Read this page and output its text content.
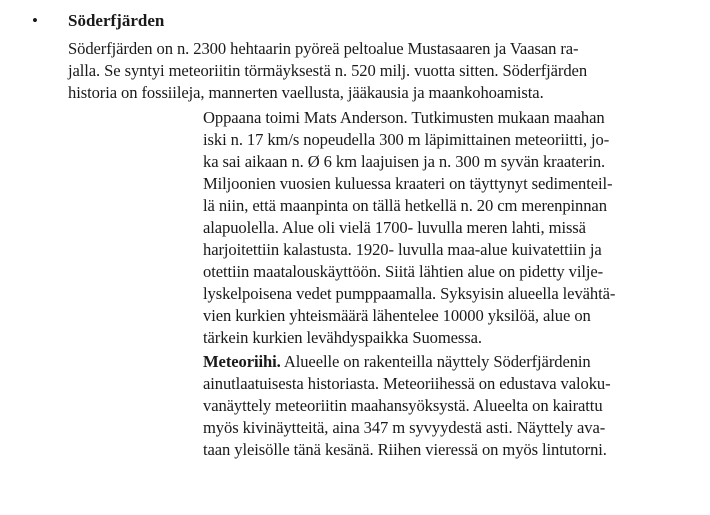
• Söderfjärden
Söderfjärden on n. 2300 hehtaarin pyöreä peltoalue Mustasaaren ja Vaasan ra-
jalla. Se syntyi meteoriitin törmäyksestä n. 520 milj. vuotta sitten. Söderfjärden
historia on fossiileja, mannerten vaellusta, jääkausia ja maankohoamista.
Oppaana toimi Mats Anderson. Tutkimusten mukaan maahan
iski n. 17 km/s nopeudella 300 m läpimittainen meteoriitti, jo-
ka sai aikaan n. Ø 6 km laajuisen ja n. 300 m syvän kraaterin.
Miljoonien vuosien kuluessa kraateri on täyttynyt sedimenteil-
lä niin, että maanpinta on tällä hetkellä n. 20 cm merenpinnan
alapuolella. Alue oli vielä 1700- luvulla meren lahti, missä
harjoitettiin kalastusta. 1920- luvulla maa-alue kuivatettiin ja
otettiin maatalouskäyttöön. Siitä lähtien alue on pidetty vilje-
lyskelpoisena vedet pumppaamalla. Syksyisin alueella levähtä-
vien kurkien yhteismäärä lähentelee 10000 yksilöä, alue on
tärkein kurkien levähdyspaikka Suomessa.
Meteoriihi. Alueelle on rakenteilla näyttely Söderfjärdenin
ainutlaatuisesta historiasta. Meteoriihessä on edustava valoku-
vanäyttely meteoriitin maahansyöksystä. Alueelta on kairattu
myös kivinäytteitä, aina 347 m syvyydestä asti. Näyttely ava-
taan yleisölle tänä kesänä. Riihen vieressä on myös lintutorni.
